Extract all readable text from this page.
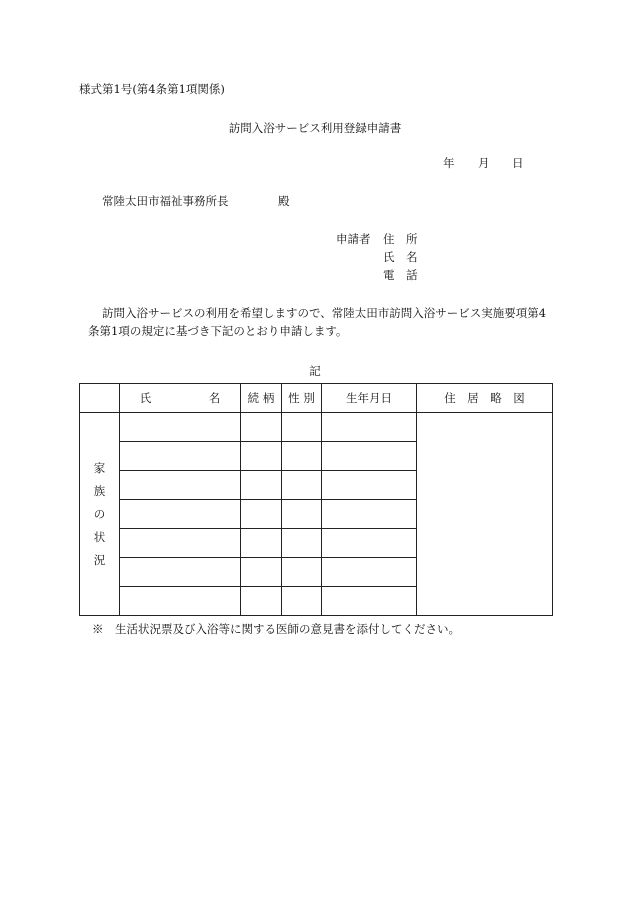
様式第1号(第4条第1項関係)
訪問入浴サービス利用登録申請書
年 月 日
常陸太田市福祉事務所長	殿
申請者 住　所
氏　名
電　話
訪問入浴サービスの利用を希望しますので、常陸太田市訪問入浴サービス実施要項第4
条第1項の規定に基づき下記のとおり申請します。
記
	氏　　　　　名	続 柄	性 別	生年月日	住　居　略　図

家
族
の
状
況					

※　生活状況票及び入浴等に関する医師の意見書を添付してください。
